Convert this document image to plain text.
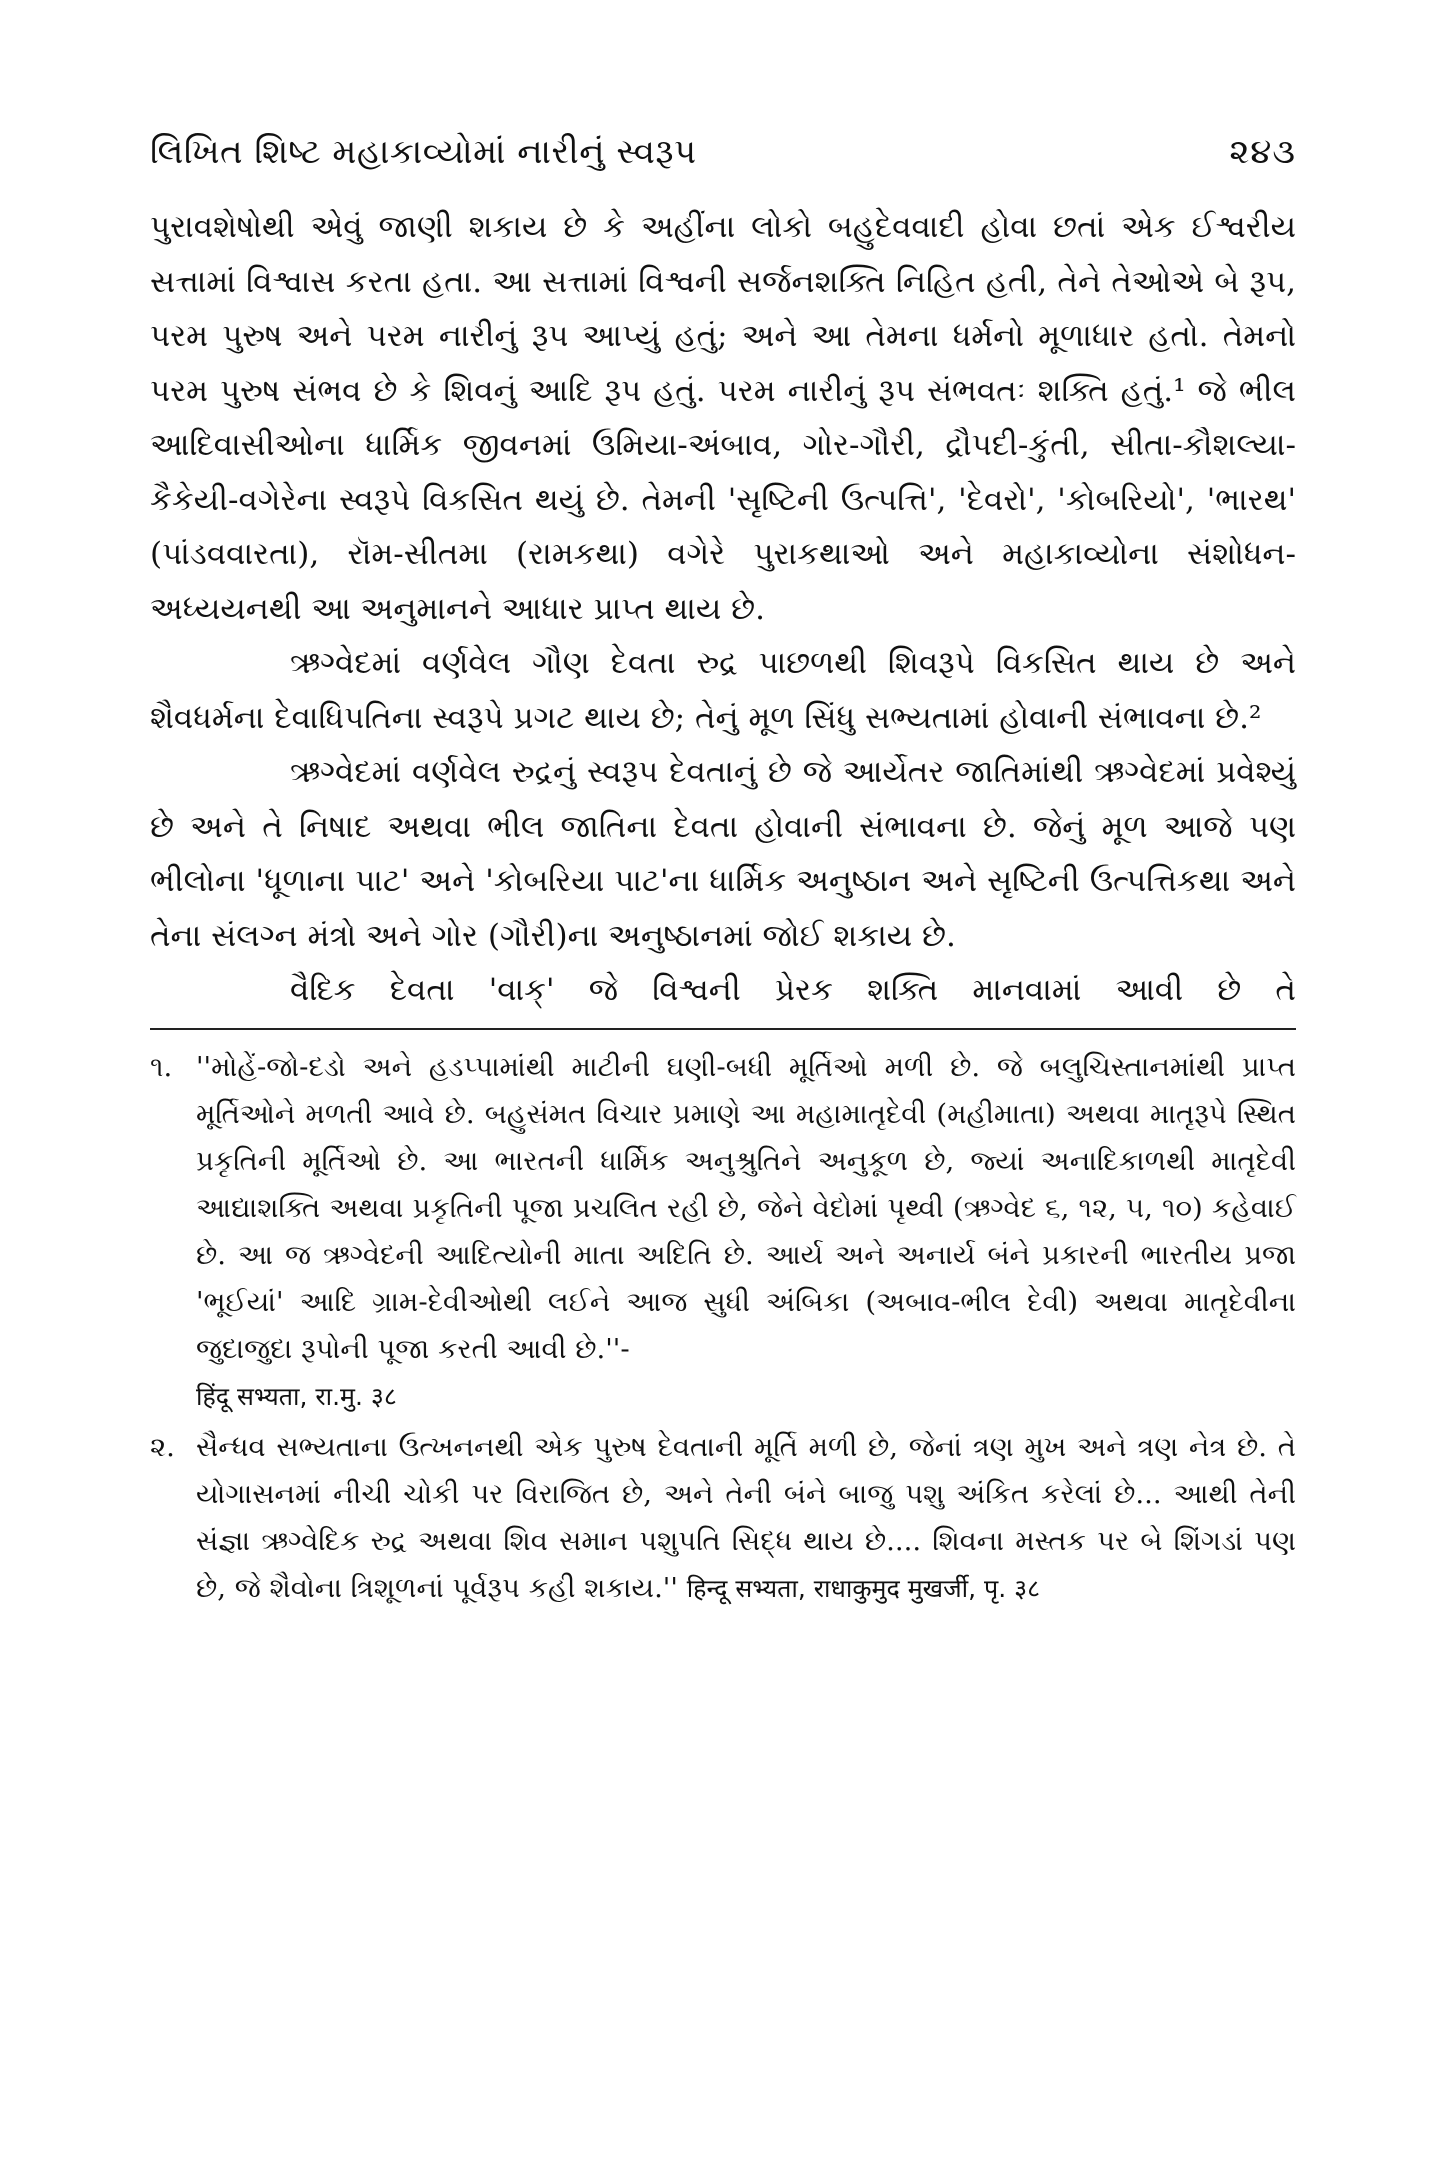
લિખિત શિષ્ટ મહાકાવ્યોમાં નારીનું સ્વરૂપ	૨૪૩

પુરાવશેષોથી એવું જાણી શકાય છે કે અહીંના લોકો બહુદેવવાદી હોવા છતાં એક ઈશ્વરીય સત્તામાં વિશ્વાસ કરતા હતા. આ સત્તામાં વિશ્વની સર્જનશક્તિ નિહિત હતી, તેને તેઓએ બે રૂપ, પરમ પુરુષ અને પરમ નારીનું રૂપ આપ્યું હતું; અને આ તેમના ધર્મનો મૂળાધાર હતો. તેમનો પરમ પુરુષ સંભવ છે કે શિવનું આદિ રૂપ હતું. પરમ નારીનું રૂપ સંભવતઃ શક્તિ હતું.¹ જે ભીલ આદિવાસીઓના ધાર્મિક જીવનમાં ઉમિયા-અંબાવ, ગોર-ગૌરી, દ્રૌપદી-કુંતી, સીતા-કૌશલ્યા-કૈકેયી-વગેરેના સ્વરૂપે વિકસિત થયું છે. તેમની 'સૃષ્ટિની ઉત્પત્તિ', 'દેવરો', 'કોબરિયો', 'ભારથ' (પાંડવવારતા), રૉમ-સીતમા (રામકથા) વગેરે પુરાકથાઓ અને મહાકાવ્યોના સંશોધન-અધ્યયનથી આ અનુમાનને આધાર પ્રાપ્ત થાય છે.

ઋગ્વેદમાં વર્ણવેલ ગૌણ દેવતા રુદ્ર પાછળથી શિવરૂપે વિકસિત થાય છે અને શૈવધર્મના દેવાધિપતિના સ્વરૂપે પ્રગટ થાય છે; તેનું મૂળ સિંધુ સભ્યતામાં હોવાની સંભાવના છે.²

ઋગ્વેદમાં વર્ણવેલ રુદ્રનું સ્વરૂપ દેવતાનું છે જે આર્યેતર જાતિમાંથી ઋગ્વેદમાં પ્રવેશ્યું છે અને તે નિષાદ અથવા ભીલ જાતિના દેવતા હોવાની સંભાવના છે. જેનું મૂળ આજે પણ ભીલોના 'ધૂળાના પાટ' અને 'કોબરિયા પાટ'ના ધાર્મિક અનુષ્ઠાન અને સૃષ્ટિની ઉત્પત્તિકથા અને તેના સંલગ્ન મંત્રો અને ગોર (ગૌરી)ના અનુષ્ઠાનમાં જોઈ શકાય છે.

વૈદિક દેવતા 'વાક્' જે વિશ્વની પ્રેરક શક્તિ માનવામાં આવી છે તે

૧. ''મોહેં-જો-દડો અને હડપ્પામાંથી માટીની ઘણી-બધી મૂર્તિઓ મળી છે. જે બલુચિસ્તાનમાંથી પ્રાપ્ત મૂર્તિઓને મળતી આવે છે. બહુસંમત વિચાર પ્રમાણે આ મહામાતૃદેવી (મહીમાતા) અથવા માતૃરૂપે સ્થિત પ્રકૃતિની મૂર્તિઓ છે. આ ભારતની ધાર્મિક અનુશ્રુતિને અનુકૂળ છે, જ્યાં અનાદિકાળથી માતૃદેવી આદ્યાશક્તિ અથવા પ્રકૃતિની પૂજા પ્રચલિત રહી છે, જેને વેદોમાં પૃથ્વી (ઋગ્વેદ ૬, ૧૨, ૫, ૧૦) કહેવાઈ છે. આ જ ઋગ્વેદની આદિત્યોની માતા અદિતિ છે. આર્ય અને અનાર્ય બંને પ્રકારની ભારતીય પ્રજા 'ભૂઈયાં' આદિ ગ્રામ-દેવીઓથી લઈને આજ સુધી અંબિકા (અબાવ-ભીલ દેવી) અથવા માતૃદેવીના જુદાજુદા રૂપોની પૂજા કરતી આવી છે.''-
हिंदू सभ्यता, रा.मु. ३८
૨. સૈન્ધવ સભ્યતાના ઉત્ખનનથી એક પુરુષ દેવતાની મૂર્તિ મળી છે, જેનાં ત્રણ મુખ અને ત્રણ નેત્ર છે. તે યોગાસનમાં નીચી ચોકી પર વિરાજિત છે, અને તેની બંને બાજુ પશુ અંકિત કરેલાં છે... આથી તેની સંજ્ઞા ઋગ્વેદિક રુદ્ર અથવા શિવ સમાન પશુપતિ સિદ્ધ થાય છે.... શિવના મસ્તક પર બે શિંગડાં પણ છે, જે શૈવોના ત્રિશૂળનાં પૂર્વરૂપ કહી શકાય.'' हिन्दू सभ्यता, राधाकुमुद मुखर्जी, पृ. ३८
